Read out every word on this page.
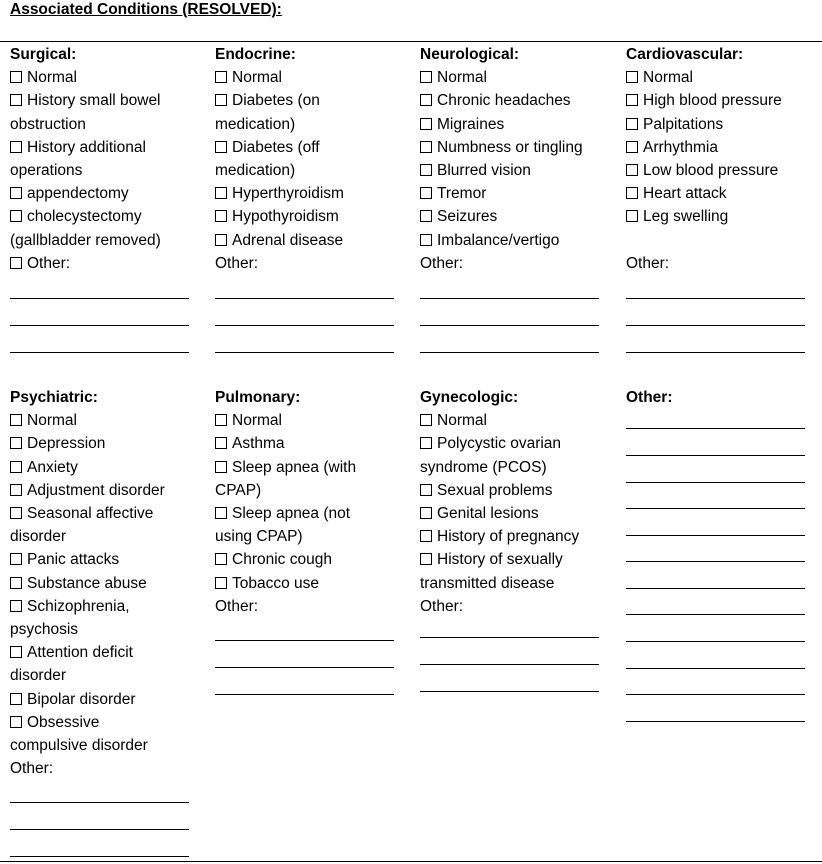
Associated Conditions (RESOLVED):
Surgical:
Normal
History small bowel obstruction
History additional operations
appendectomy
cholecystectomy (gallbladder removed)
Other:
Endocrine:
Normal
Diabetes (on medication)
Diabetes (off medication)
Hyperthyroidism
Hypothyroidism
Adrenal disease
Other:
Neurological:
Normal
Chronic headaches
Migraines
Numbness or tingling
Blurred vision
Tremor
Seizures
Imbalance/vertigo
Other:
Cardiovascular:
Normal
High blood pressure
Palpitations
Arrhythmia
Low blood pressure
Heart attack
Leg swelling
Other:
Psychiatric:
Normal
Depression
Anxiety
Adjustment disorder
Seasonal affective disorder
Panic attacks
Substance abuse
Schizophrenia, psychosis
Attention deficit disorder
Bipolar disorder
Obsessive compulsive disorder
Other:
Pulmonary:
Normal
Asthma
Sleep apnea (with CPAP)
Sleep apnea (not using CPAP)
Chronic cough
Tobacco use
Other:
Gynecologic:
Normal
Polycystic ovarian syndrome (PCOS)
Sexual problems
Genital lesions
History of pregnancy
History of sexually transmitted disease
Other:
Other:
